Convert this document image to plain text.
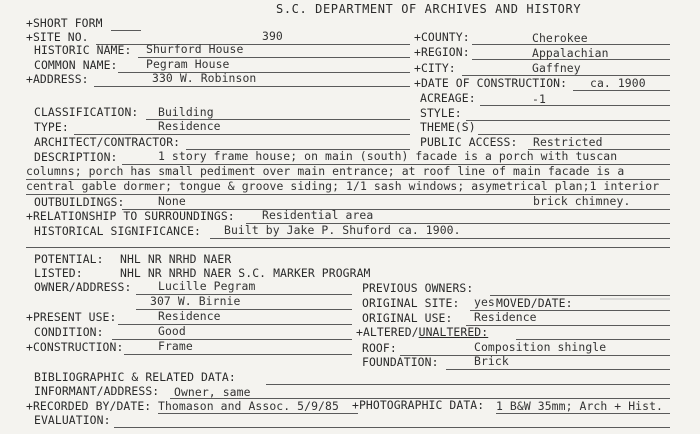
S.C. DEPARTMENT OF ARCHIVES AND HISTORY
+SHORT FORM
+SITE NO.	390
HISTORIC NAME: Shurford House
COMMON NAME:	Pegram House
+ADDRESS:	330 W. Robinson
+COUNTY:	Cherokee
+REGION:	Appalachian
+CITY:	Gaffney
+DATE OF CONSTRUCTION: ca. 1900
ACREAGE:	-1
CLASSIFICATION: Building	STYLE:
TYPE:	Residence	THEME(S)
ARCHITECT/CONTRACTOR:	PUBLIC ACCESS: Restricted
DESCRIPTION:	1 story frame house; on main (south) facade is a porch with tuscan
columns; porch has small pediment over main entrance; at roof line of main facade is a
central gable dormer; tongue & groove siding; 1/1 sash windows; asymetrical plan;1 interior
OUTBUILDINGS:	None	brick chimney.
+RELATIONSHIP TO SURROUNDINGS: Residential area
HISTORICAL SIGNIFICANCE: Built by Jake P. Shuford ca. 1900.
POTENTIAL: NHL NR NRHD NAER
LISTED:	NHL NR NRHD NAER S.C. MARKER PROGRAM
OWNER/ADDRESS: Lucille Pegram
307 W. Birnie
PREVIOUS OWNERS:
ORIGINAL SITE: yes MOVED/DATE:
+PRESENT USE:	Residence	ORIGINAL USE: Residence
CONDITION:	Good	+ALTERED/UNALTERED:
+CONSTRUCTION:	Frame	ROOF:	Composition shingle
FOUNDATION:	Brick
BIBLIOGRAPHIC & RELATED DATA:
INFORMANT/ADDRESS: Owner, same
+RECORDED BY/DATE: Thomason and Assoc. 5/9/85 +PHOTOGRAPHIC DATA: 1 B&W 35mm; Arch + Hist.
EVALUATION:
